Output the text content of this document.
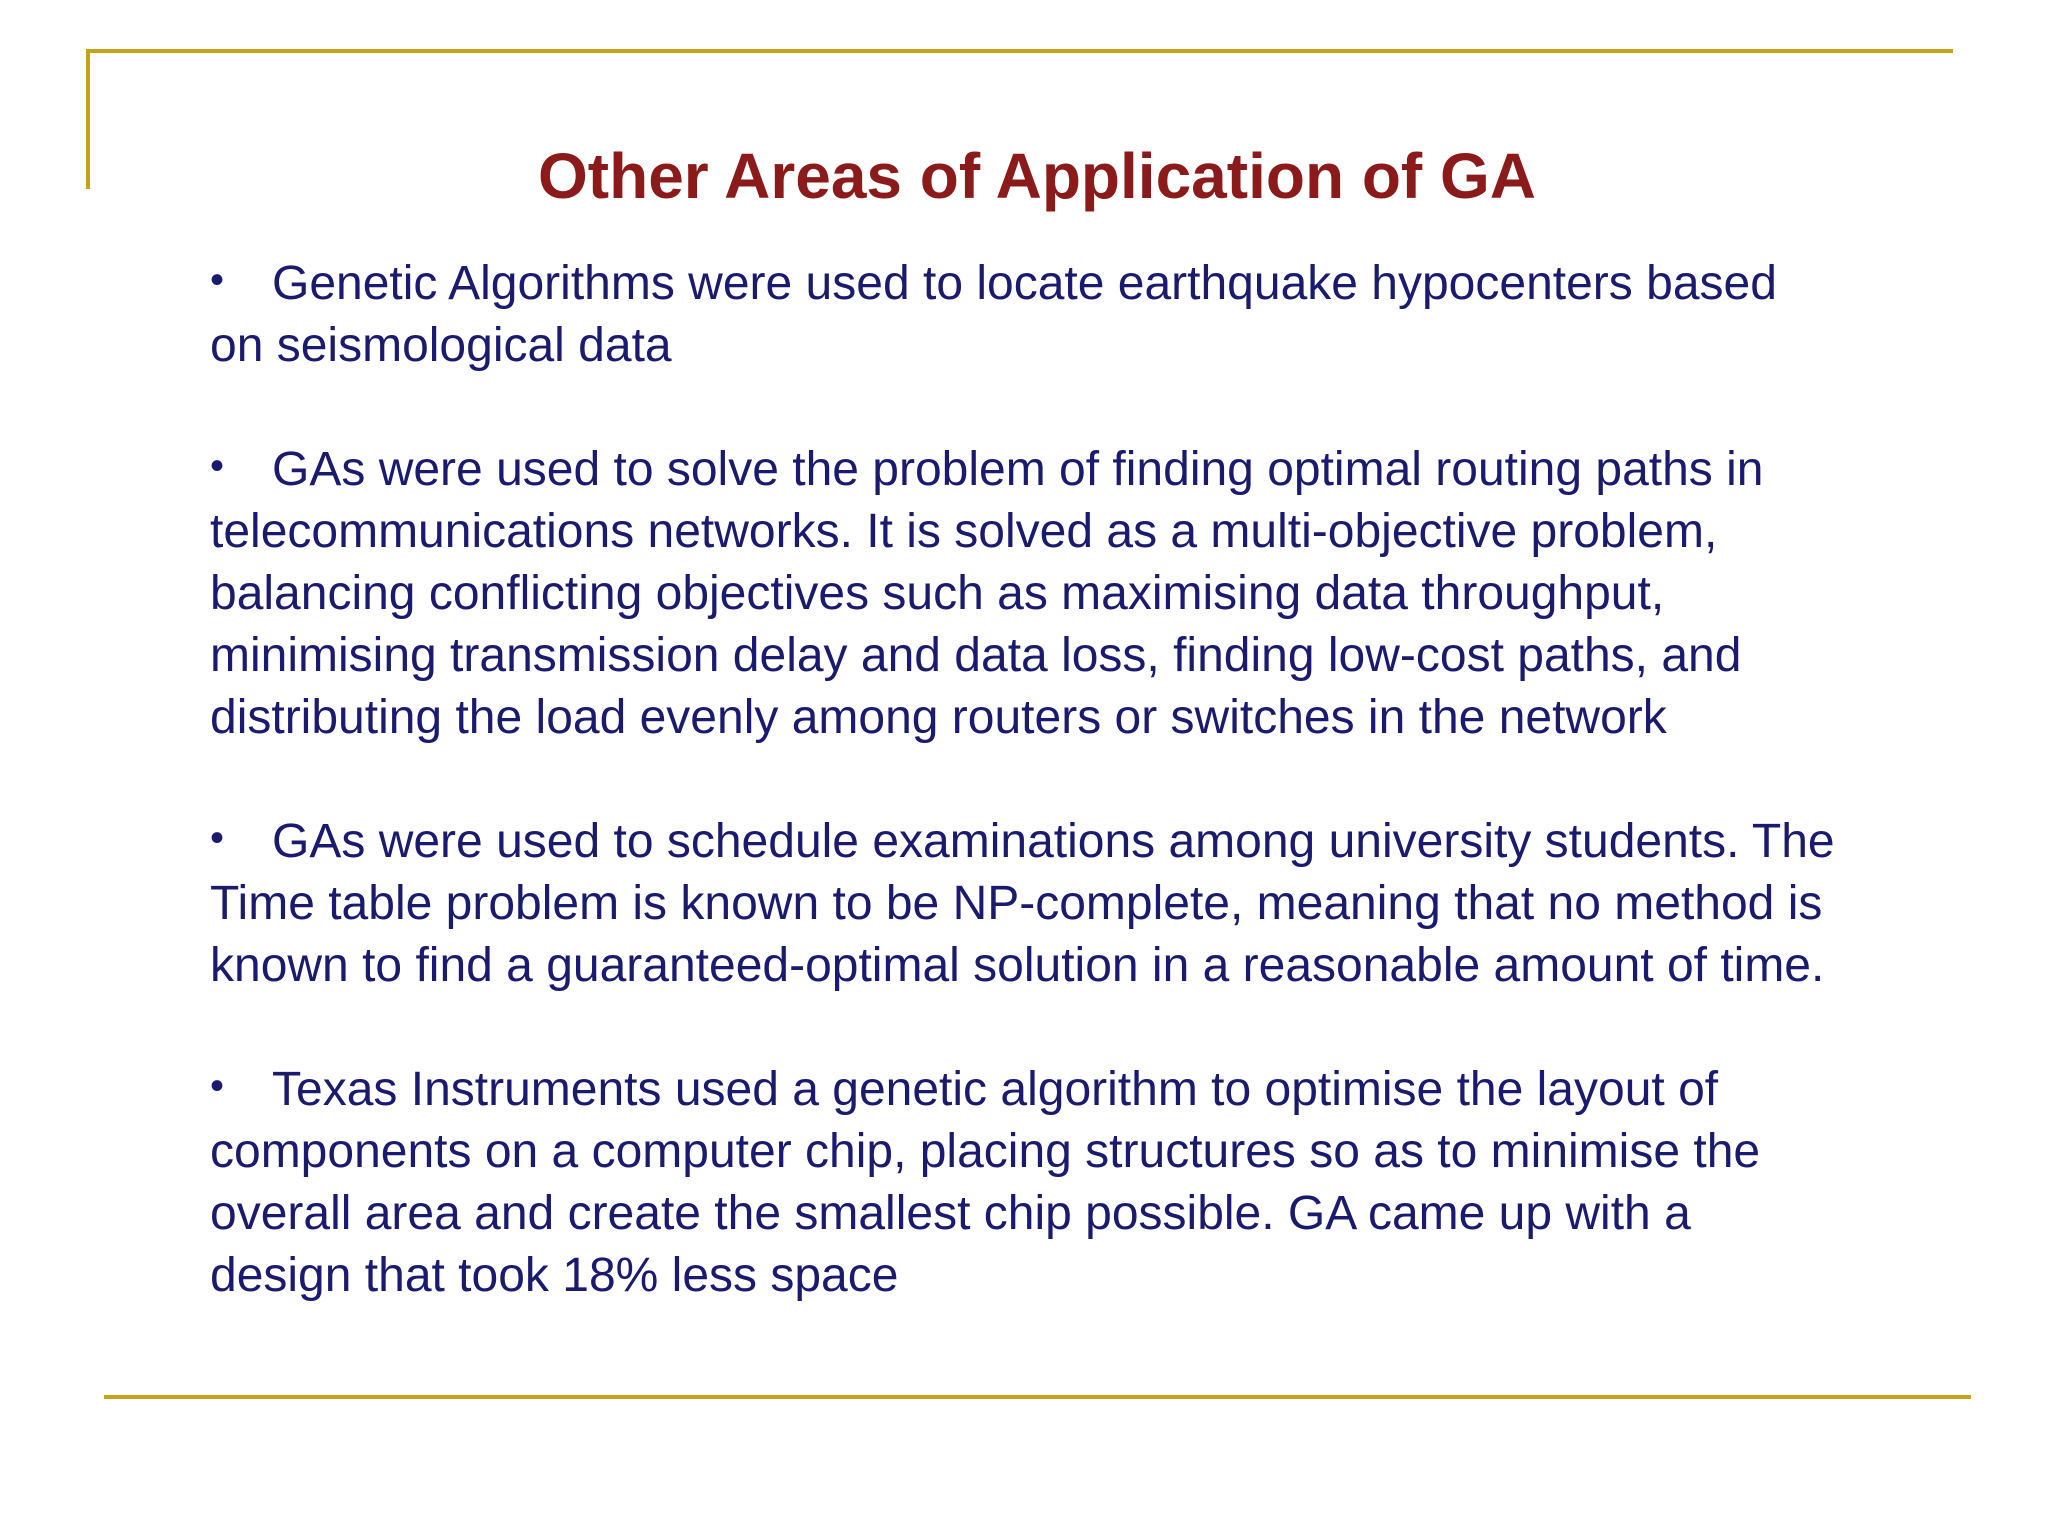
Other Areas of Application of GA

• Genetic Algorithms were used to locate earthquake hypocenters based
on seismological data

• GAs were used to solve the problem of finding optimal routing paths in
telecommunications networks. It is solved as a multi-objective problem,
balancing conflicting objectives such as maximising data throughput,
minimising transmission delay and data loss, finding low-cost paths, and
distributing the load evenly among routers or switches in the network

• GAs were used to schedule examinations among university students. The
Time table problem is known to be NP-complete, meaning that no method is
known to find a guaranteed-optimal solution in a reasonable amount of time.

• Texas Instruments used a genetic algorithm to optimise the layout of
components on a computer chip, placing structures so as to minimise the
overall area and create the smallest chip possible. GA came up with a
design that took 18% less space
